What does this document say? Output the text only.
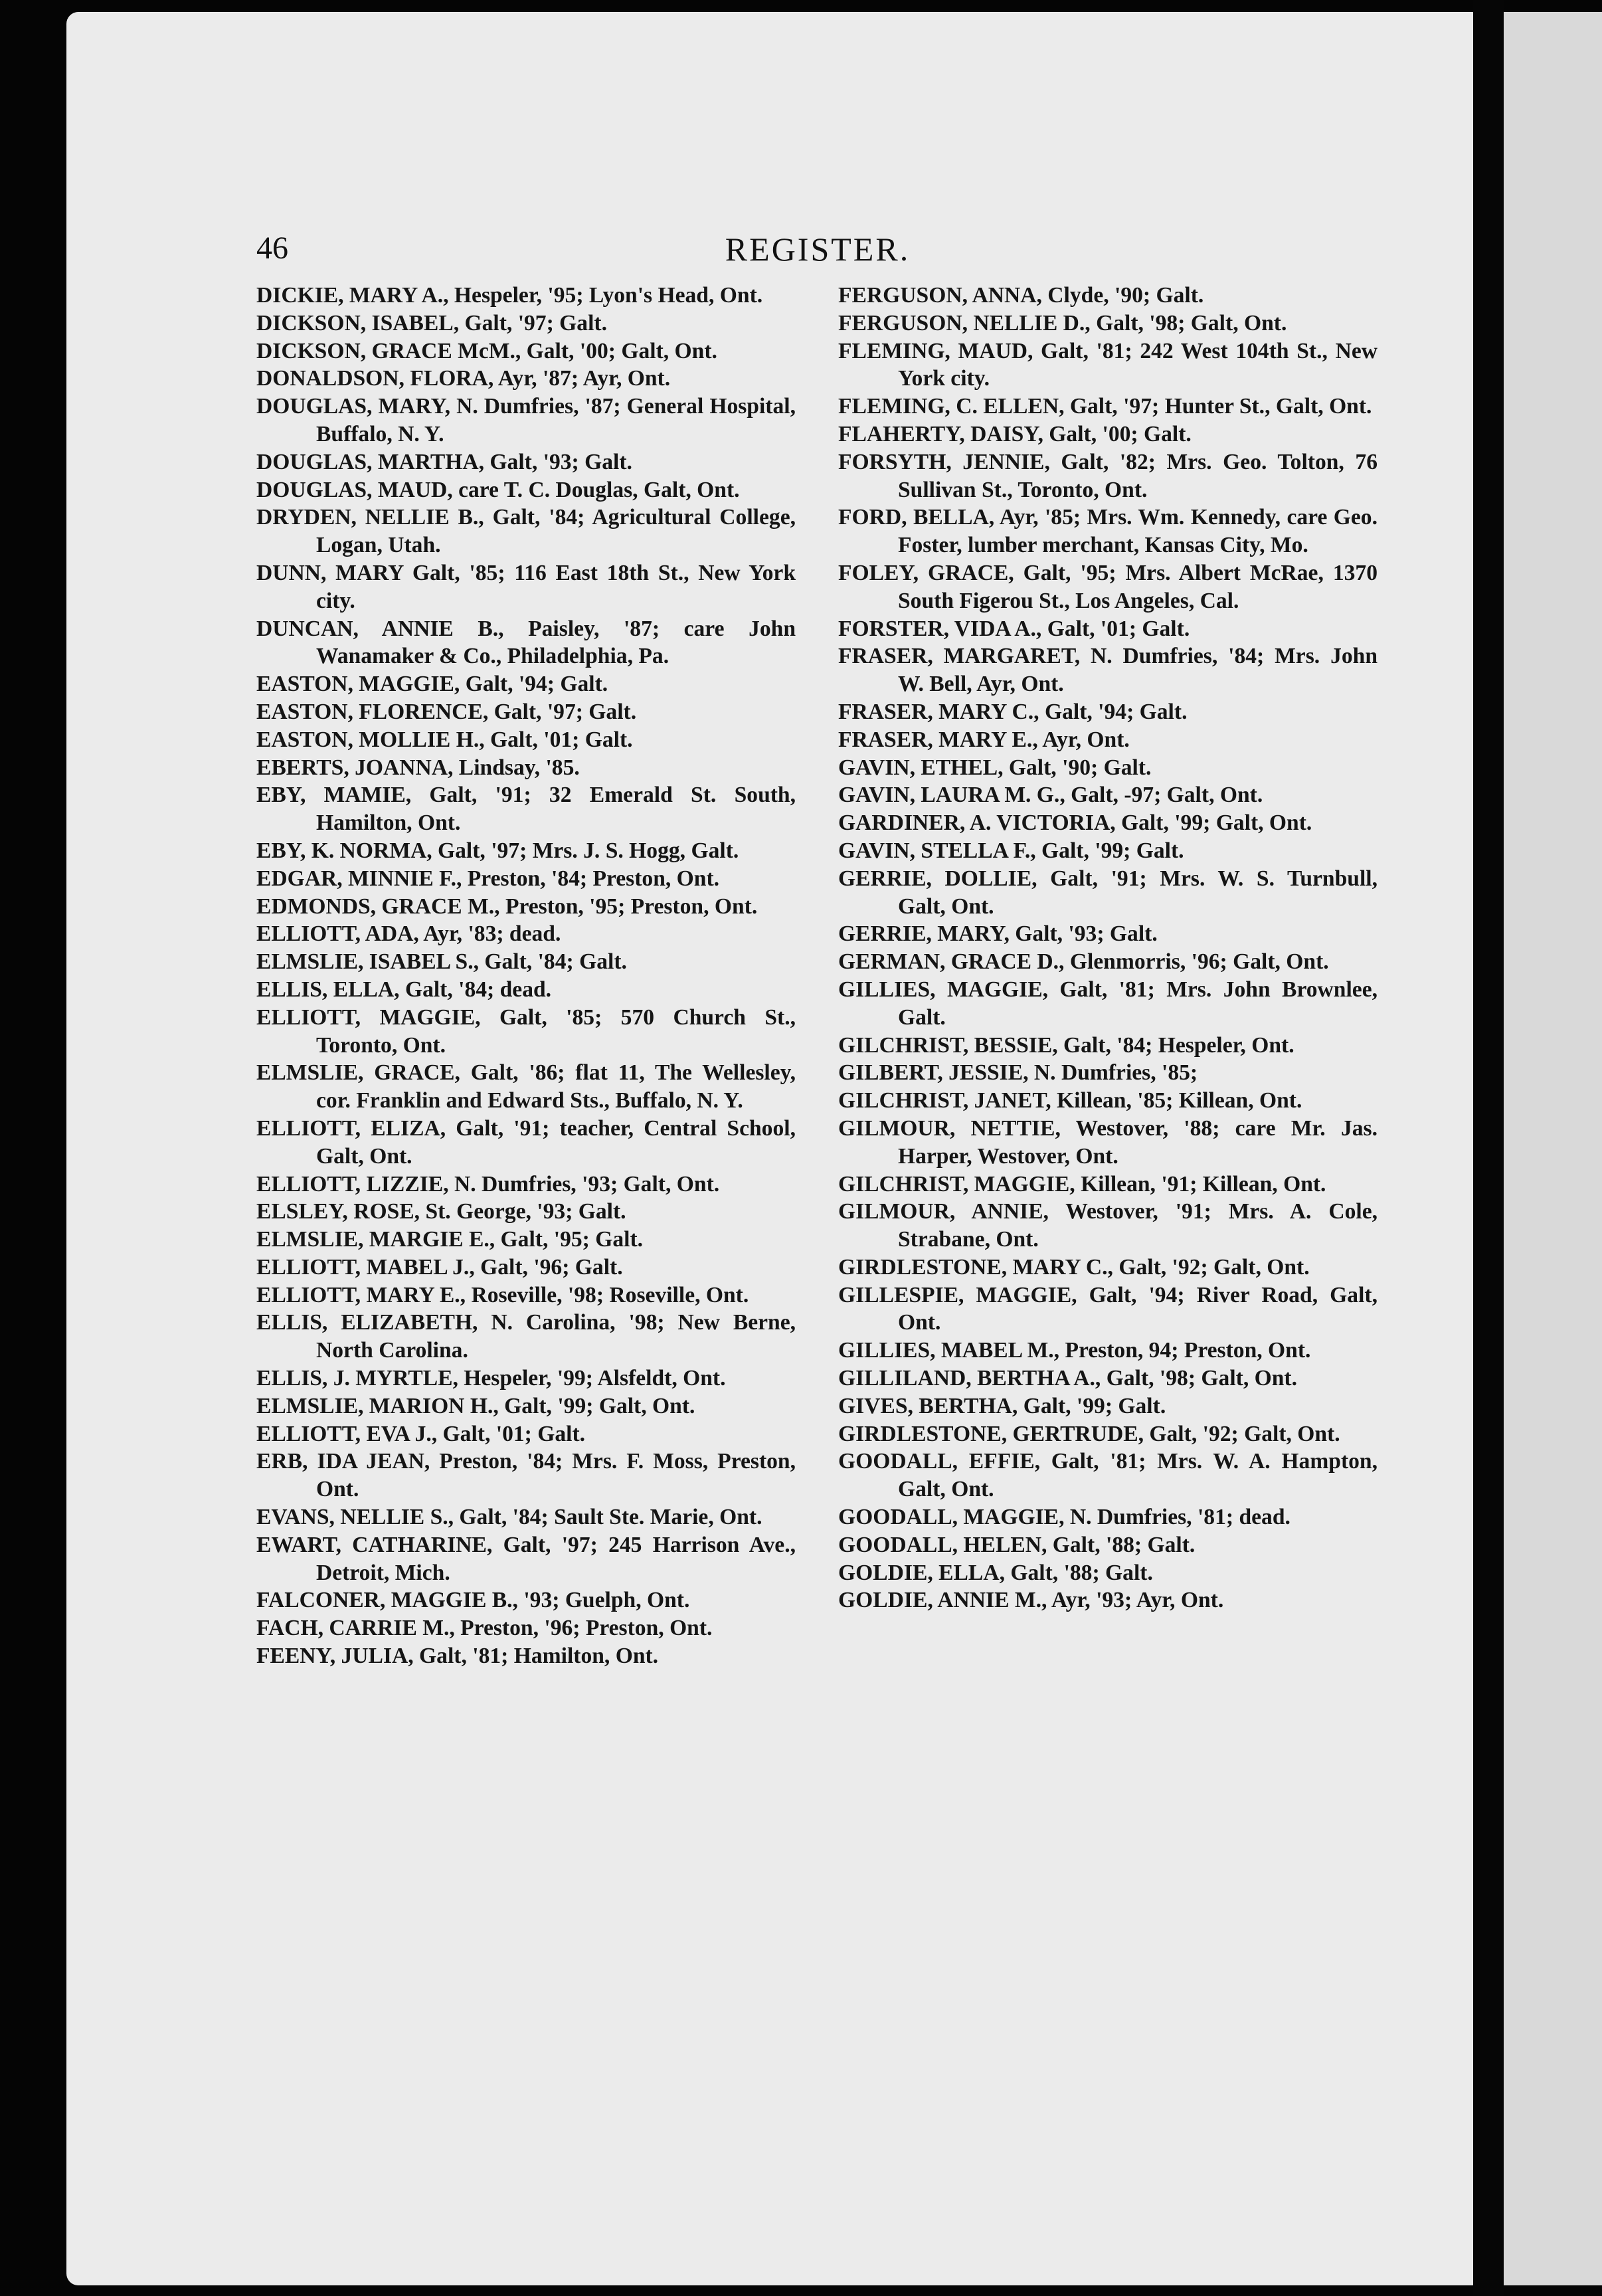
46	REGISTER.

DICKIE, MARY A., Hespeler, '95; Lyon's Head, Ont.

DICKSON, ISABEL, Galt, '97; Galt.

DICKSON, GRACE McM., Galt, '00; Galt, Ont.

DONALDSON, FLORA, Ayr, '87; Ayr, Ont.

DOUGLAS, MARY, N. Dumfries, '87; General Hospital, Buffalo, N. Y.

DOUGLAS, MARTHA, Galt, '93; Galt.

DOUGLAS, MAUD, care T. C. Douglas, Galt, Ont.

DRYDEN, NELLIE B., Galt, '84; Agricultural College, Logan, Utah.

DUNN, MARY Galt, '85; 116 East 18th St., New York city.

DUNCAN, ANNIE B., Paisley, '87; care John Wanamaker & Co., Philadelphia, Pa.

EASTON, MAGGIE, Galt, '94; Galt.

EASTON, FLORENCE, Galt, '97; Galt.

EASTON, MOLLIE H., Galt, '01; Galt.

EBERTS, JOANNA, Lindsay, '85.

EBY, MAMIE, Galt, '91; 32 Emerald St. South, Hamilton, Ont.

EBY, K. NORMA, Galt, '97; Mrs. J. S. Hogg, Galt.

EDGAR, MINNIE F., Preston, '84; Preston, Ont.

EDMONDS, GRACE M., Preston, '95; Preston, Ont.

ELLIOTT, ADA, Ayr, '83; dead.

ELMSLIE, ISABEL S., Galt, '84; Galt.

ELLIS, ELLA, Galt, '84; dead.

ELLIOTT, MAGGIE, Galt, '85; 570 Church St., Toronto, Ont.

ELMSLIE, GRACE, Galt, '86; flat 11, The Wellesley, cor. Franklin and Edward Sts., Buffalo, N. Y.

ELLIOTT, ELIZA, Galt, '91; teacher, Central School, Galt, Ont.

ELLIOTT, LIZZIE, N. Dumfries, '93; Galt, Ont.

ELSLEY, ROSE, St. George, '93; Galt.

ELMSLIE, MARGIE E., Galt, '95; Galt.

ELLIOTT, MABEL J., Galt, '96; Galt.

ELLIOTT, MARY E., Roseville, '98; Roseville, Ont.

ELLIS, ELIZABETH, N. Carolina, '98; New Berne, North Carolina.

ELLIS, J. MYRTLE, Hespeler, '99; Alsfeldt, Ont.

ELMSLIE, MARION H., Galt, '99; Galt, Ont.

ELLIOTT, EVA J., Galt, '01; Galt.

ERB, IDA JEAN, Preston, '84; Mrs. F. Moss, Preston, Ont.

EVANS, NELLIE S., Galt, '84; Sault Ste. Marie, Ont.

EWART, CATHARINE, Galt, '97; 245 Harrison Ave., Detroit, Mich.

FALCONER, MAGGIE B., '93; Guelph, Ont.

FACH, CARRIE M., Preston, '96; Preston, Ont.

FEENY, JULIA, Galt, '81; Hamilton, Ont.

FERGUSON, ANNA, Clyde, '90; Galt.

FERGUSON, NELLIE D., Galt, '98; Galt, Ont.

FLEMING, MAUD, Galt, '81; 242 West 104th St., New York city.

FLEMING, C. ELLEN, Galt, '97; Hunter St., Galt, Ont.

FLAHERTY, DAISY, Galt, '00; Galt.

FORSYTH, JENNIE, Galt, '82; Mrs. Geo. Tolton, 76 Sullivan St., Toronto, Ont.

FORD, BELLA, Ayr, '85; Mrs. Wm. Kennedy, care Geo. Foster, lumber merchant, Kansas City, Mo.

FOLEY, GRACE, Galt, '95; Mrs. Albert McRae, 1370 South Figerou St., Los Angeles, Cal.

FORSTER, VIDA A., Galt, '01; Galt.

FRASER, MARGARET, N. Dumfries, '84; Mrs. John W. Bell, Ayr, Ont.

FRASER, MARY C., Galt, '94; Galt.

FRASER, MARY E., Ayr, Ont.

GAVIN, ETHEL, Galt, '90; Galt.

GAVIN, LAURA M. G., Galt, -97; Galt, Ont.

GARDINER, A. VICTORIA, Galt, '99; Galt, Ont.

GAVIN, STELLA F., Galt, '99; Galt.

GERRIE, DOLLIE, Galt, '91; Mrs. W. S. Turnbull, Galt, Ont.

GERRIE, MARY, Galt, '93; Galt.

GERMAN, GRACE D., Glenmorris, '96; Galt, Ont.

GILLIES, MAGGIE, Galt, '81; Mrs. John Brownlee, Galt.

GILCHRIST, BESSIE, Galt, '84; Hespeler, Ont.

GILBERT, JESSIE, N. Dumfries, '85;

GILCHRIST, JANET, Killean, '85; Killean, Ont.

GILMOUR, NETTIE, Westover, '88; care Mr. Jas. Harper, Westover, Ont.

GILCHRIST, MAGGIE, Killean, '91; Killean, Ont.

GILMOUR, ANNIE, Westover, '91; Mrs. A. Cole, Strabane, Ont.

GIRDLESTONE, MARY C., Galt, '92; Galt, Ont.

GILLESPIE, MAGGIE, Galt, '94; River Road, Galt, Ont.

GILLIES, MABEL M., Preston, 94; Preston, Ont.

GILLILAND, BERTHA A., Galt, '98; Galt, Ont.

GIVES, BERTHA, Galt, '99; Galt.

GIRDLESTONE, GERTRUDE, Galt, '92; Galt, Ont.

GOODALL, EFFIE, Galt, '81; Mrs. W. A. Hampton, Galt, Ont.

GOODALL, MAGGIE, N. Dumfries, '81; dead.

GOODALL, HELEN, Galt, '88; Galt.

GOLDIE, ELLA, Galt, '88; Galt.

GOLDIE, ANNIE M., Ayr, '93; Ayr, Ont.
